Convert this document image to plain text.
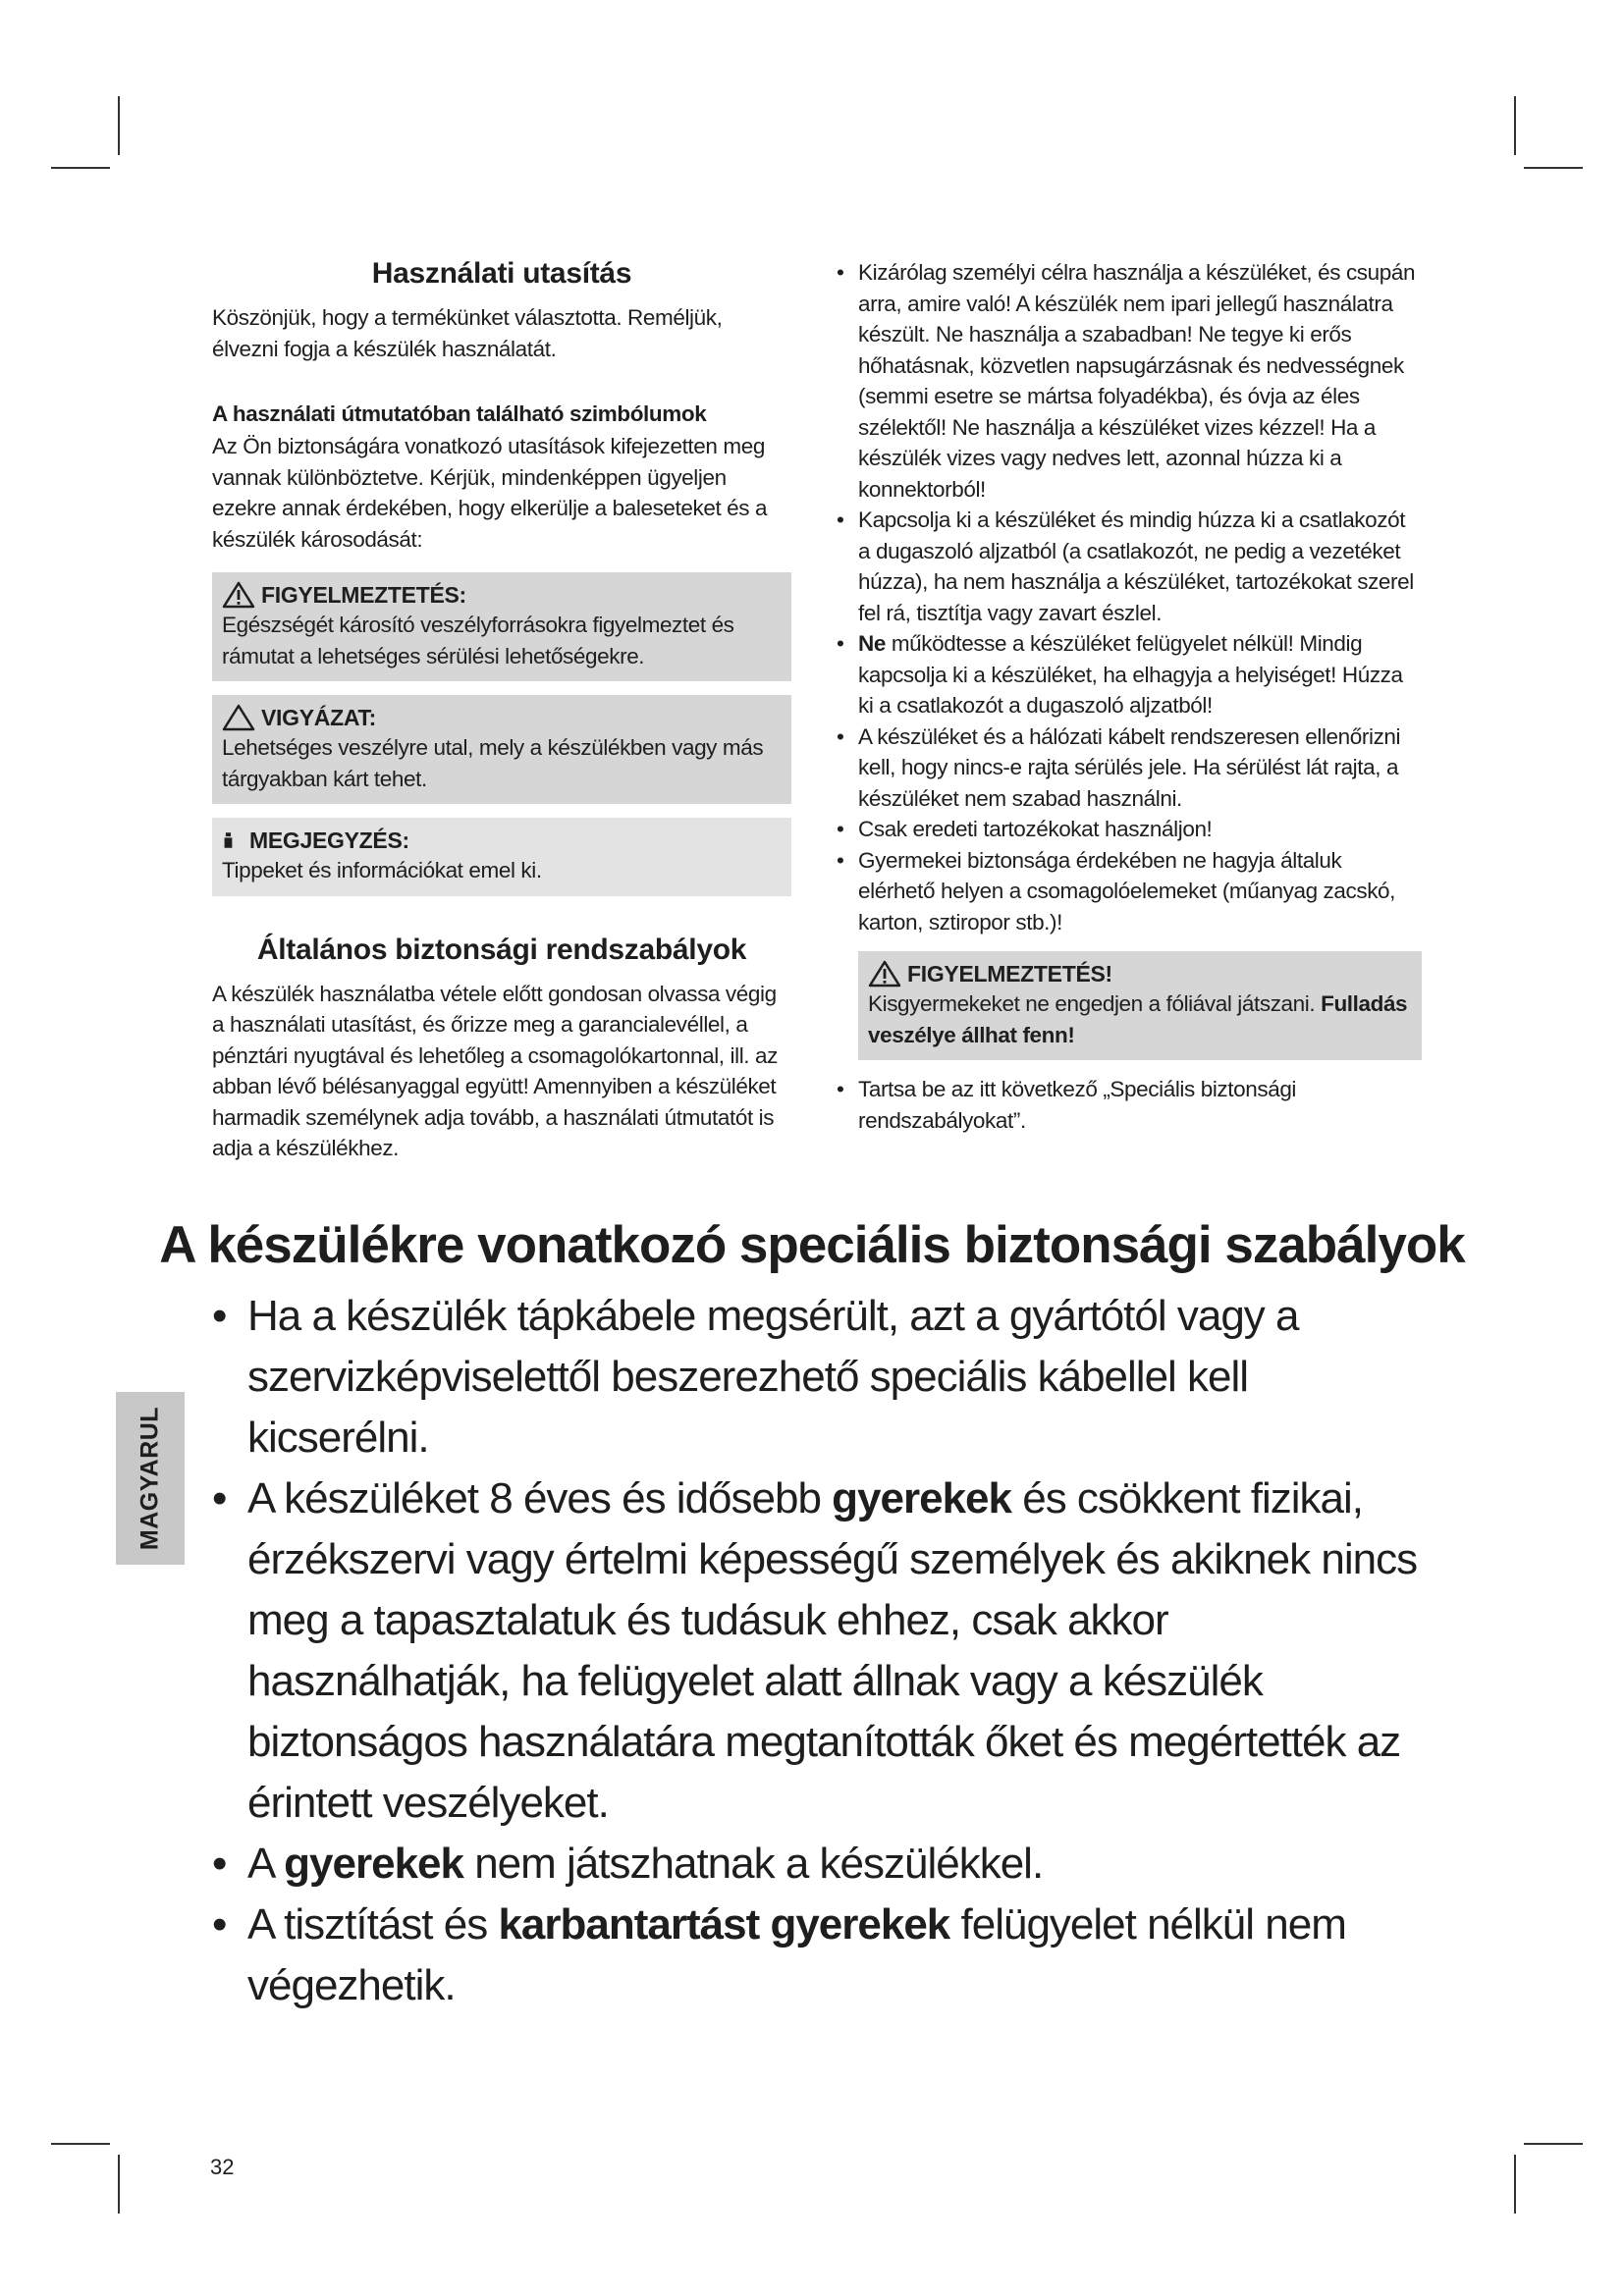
Használati utasítás

Köszönjük, hogy a termékünket választotta. Reméljük, élvezni fogja a készülék használatát.

A használati útmutatóban található szimbólumok

Az Ön biztonságára vonatkozó utasítások kifejezetten meg vannak különböztetve. Kérjük, mindenképpen ügyeljen ezekre annak érdekében, hogy elkerülje a baleseteket és a készülék károsodását:

FIGYELMEZTETÉS:
Egészségét károsító veszélyforrásokra figyelmeztet és rámutat a lehetséges sérülési lehetőségekre.
VIGYÁZAT:
Lehetséges veszélyre utal, mely a készülékben vagy más tárgyakban kárt tehet.
MEGJEGYZÉS:
Tippeket és információkat emel ki.
Általános biztonsági rendszabályok

A készülék használatba vétele előtt gondosan olvassa végig a használati utasítást, és őrizze meg a garancialevéllel, a pénztári nyugtával és lehetőleg a csomagolókartonnal, ill. az abban lévő bélésanyaggal együtt! Amennyiben a készüléket harmadik személynek adja tovább, a használati útmutatót is adja a készülékhez.

• Kizárólag személyi célra használja a készüléket, és csupán arra, amire való! A készülék nem ipari jellegű használatra készült. Ne használja a szabadban! Ne tegye ki erős hőhatásnak, közvetlen napsugárzásnak és nedvességnek (semmi esetre se mártsa folyadékba), és óvja az éles szélektől! Ne használja a készüléket vizes kézzel! Ha a készülék vizes vagy nedves lett, azonnal húzza ki a konnektorból!
• Kapcsolja ki a készüléket és mindig húzza ki a csatlakozót a dugaszoló aljzatból (a csatlakozót, ne pedig a vezetéket húzza), ha nem használja a készüléket, tartozékokat szerel fel rá, tisztítja vagy zavart észlel.
• Ne működtesse a készüléket felügyelet nélkül! Mindig kapcsolja ki a készüléket, ha elhagyja a helyiséget! Húzza ki a csatlakozót a dugaszoló aljzatból!
• A készüléket és a hálózati kábelt rendszeresen ellenőrizni kell, hogy nincs-e rajta sérülés jele. Ha sérülést lát rajta, a készüléket nem szabad használni.
• Csak eredeti tartozékokat használjon!
• Gyermekei biztonsága érdekében ne hagyja általuk elérhető helyen a csomagolóelemeket (műanyag zacskó, karton, sztiropor stb.)!
FIGYELMEZTETÉS!
Kisgyermekeket ne engedjen a fóliával játszani. Fulladás veszélye állhat fenn!
• Tartsa be az itt következő „Speciális biztonsági rendszabályokat”.
A készülékre vonatkozó speciális biztonsági szabályok
• Ha a készülék tápkábele megsérült, azt a gyártótól vagy a szervizképviselettől beszerezhető speciális kábellel kell kicserélni.
• A készüléket 8 éves és idősebb gyerekek és csökkent fizikai, érzékszervi vagy értelmi képességű személyek és akiknek nincs meg a tapasztalatuk és tudásuk ehhez, csak akkor használhatják, ha felügyelet alatt állnak vagy a készülék biztonságos használatára megtanították őket és megértették az érintett veszélyeket.
• A gyerekek nem játszhatnak a készülékkel.
• A tisztítást és karbantartást gyerekek felügyelet nélkül nem végezhetik.
MAGYARUL
32
